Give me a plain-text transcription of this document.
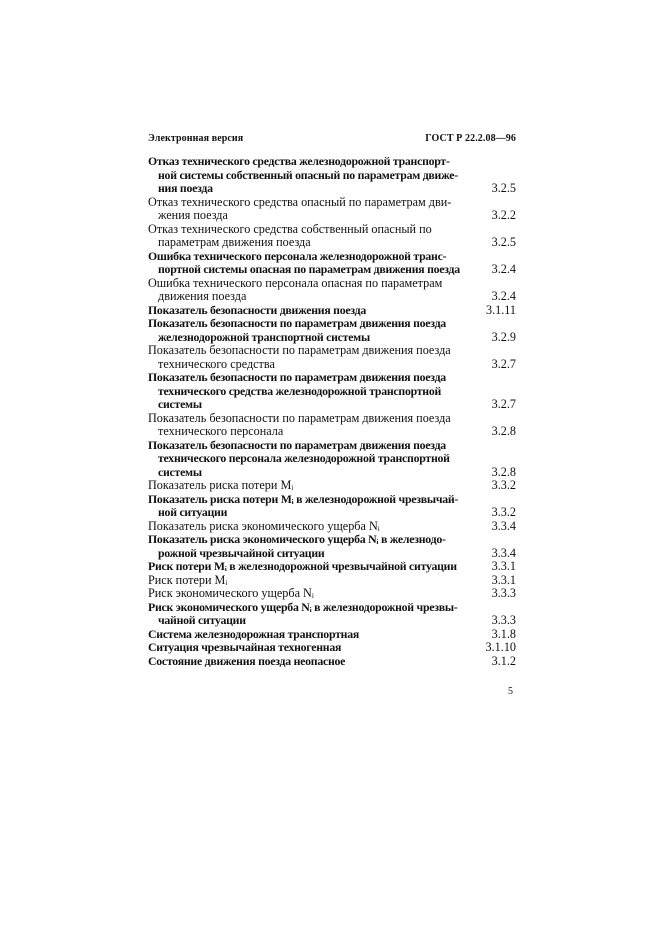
Электронная версия	ГОСТ Р 22.2.08—96
Отказ технического средства железнодорожной транспорт-
ной системы собственный опасный по параметрам движе-
ния поезда	3.2.5
Отказ технического средства опасный по параметрам дви-
жения поезда	3.2.2
Отказ технического средства собственный опасный по
параметрам движения поезда	3.2.5
Ошибка технического персонала железнодорожной транс-
портной системы опасная по параметрам движения поезда	3.2.4
Ошибка технического персонала опасная по параметрам
движения поезда	3.2.4
Показатель безопасности движения поезда	3.1.11
Показатель безопасности по параметрам движения поезда
железнодорожной транспортной системы	3.2.9
Показатель безопасности по параметрам движения поезда
технического средства	3.2.7
Показатель безопасности по параметрам движения поезда
технического средства железнодорожной транспортной
системы	3.2.7
Показатель безопасности по параметрам движения поезда
технического персонала	3.2.8
Показатель безопасности по параметрам движения поезда
технического персонала железнодорожной транспортной
системы	3.2.8
Показатель риска потери Mᵢ	3.3.2
Показатель риска потери Mᵢ в железнодорожной чрезвычай-
ной ситуации	3.3.2
Показатель риска экономического ущерба Nᵢ	3.3.4
Показатель риска экономического ущерба Nᵢ в железнодо-
рожной чрезвычайной ситуации	3.3.4
Риск потери Mᵢ в железнодорожной чрезвычайной ситуации	3.3.1
Риск потери Mᵢ	3.3.1
Риск экономического ущерба Nᵢ	3.3.3
Риск экономического ущерба Nᵢ в железнодорожной чрезвы-
чайной ситуации	3.3.3
Система железнодорожная транспортная	3.1.8
Ситуация чрезвычайная техногенная	3.1.10
Состояние движения поезда неопасное	3.1.2
5
